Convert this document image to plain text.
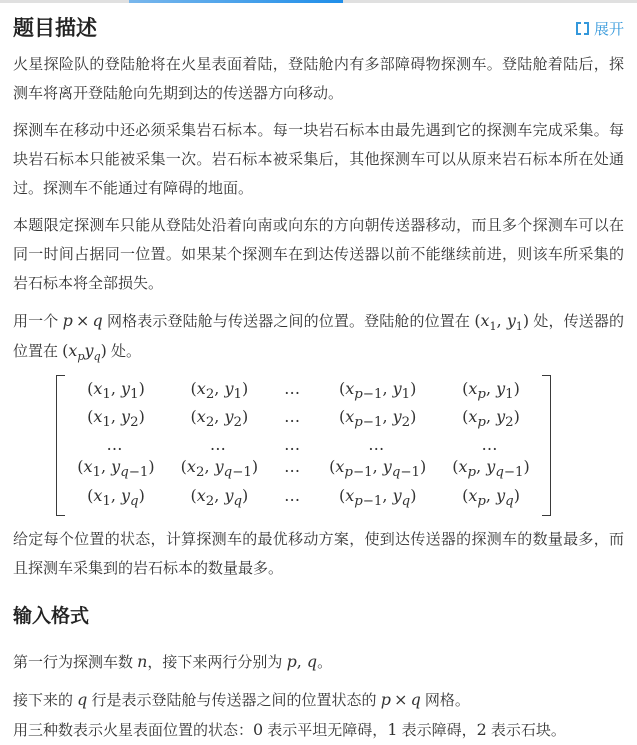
题目描述	展开

火星探险队的登陆舱将在火星表面着陆，登陆舱内有多部障碍物探测车。登陆舱着陆后，探测车将离开登陆舱向先期到达的传送器方向移动。

探测车在移动中还必须采集岩石标本。每一块岩石标本由最先遇到它的探测车完成采集。每块岩石标本只能被采集一次。岩石标本被采集后，其他探测车可以从原来岩石标本所在处通过。探测车不能通过有障碍的地面。

本题限定探测车只能从登陆处沿着向南或向东的方向朝传送器移动，而且多个探测车可以在同一时间占据同一位置。如果某个探测车在到达传送器以前不能继续前进，则该车所采集的岩石标本将全部损失。

用一个 p × q 网格表示登陆舱与传送器之间的位置。登陆舱的位置在 ($x_1$, $y_1$) 处，传送器的位置在 $(x_py_q)$ 处。

($x_1$, $y_1$)	($x_2$, $y_1$)	…	($x_{p-1}$, $y_1$)	($x_p$, $y_1$)
($x_1$, $y_2$)	($x_2$, $y_2$)	…	($x_{p-1}$, $y_2$)	($x_p$, $y_2$)
…	…	…	…	…
($x_1$, $y_{q-1}$) ($x_2$, $y_{q-1}$) … ($x_{p-1}$, $y_{q-1}$) ($x_p$, $y_{q-1}$)
($x_1$, $y_q$)	($x_2$, $y_q$)	…	($x_{p-1}$, $y_q$)	($x_p$, $y_q$)

给定每个位置的状态，计算探测车的最优移动方案，使到达传送器的探测车的数量最多，而且探测车采集到的岩石标本的数量最多。

输入格式

第一行为探测车数 n，接下来两行分别为 p, q。

接下来的 q 行是表示登陆舱与传送器之间的位置状态的 p × q 网格。
用三种数表示火星表面位置的状态：0 表示平坦无障碍，1 表示障碍，2 表示石块。
